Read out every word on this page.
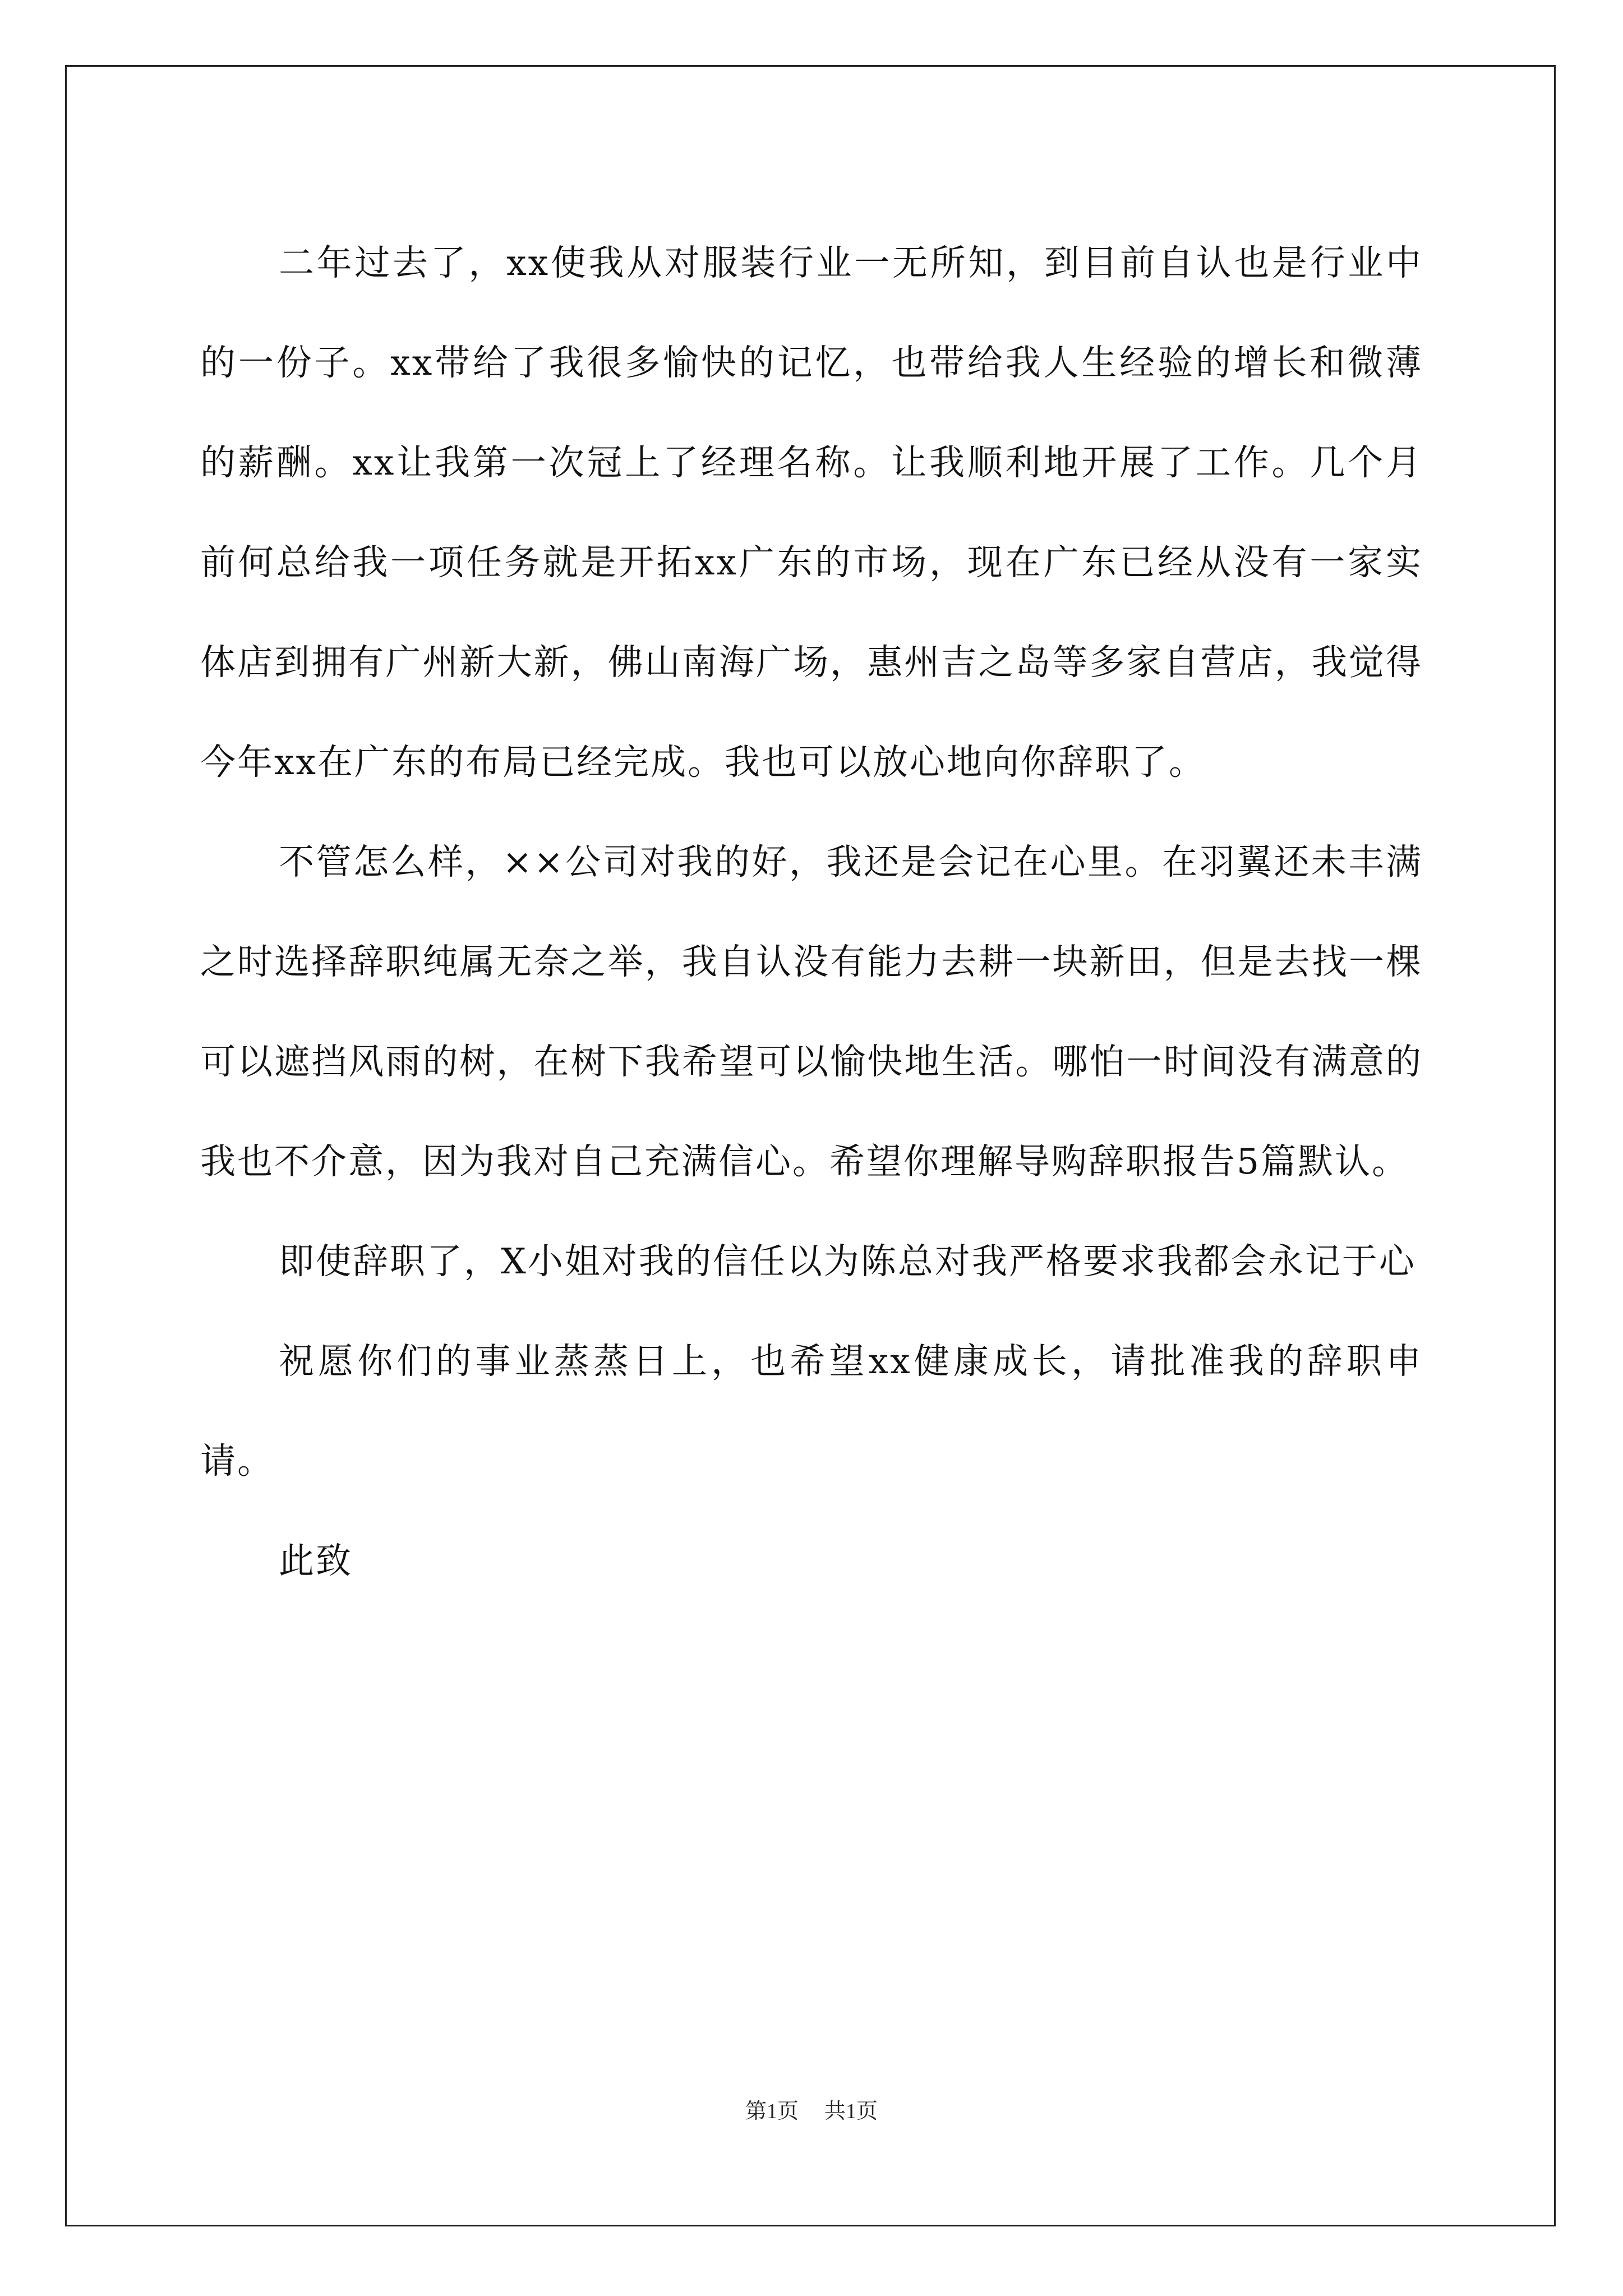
二年过去了，xx使我从对服装行业一无所知，到目前自认也是行业中的一份子。xx带给了我很多愉快的记忆，也带给我人生经验的增长和微薄的薪酬。xx让我第一次冠上了经理名称。让我顺利地开展了工作。几个月前何总给我一项任务就是开拓xx广东的市场，现在广东已经从没有一家实体店到拥有广州新大新，佛山南海广场，惠州吉之岛等多家自营店，我觉得今年xx在广东的布局已经完成。我也可以放心地向你辞职了。

不管怎么样，××公司对我的好，我还是会记在心里。在羽翼还未丰满之时选择辞职纯属无奈之举，我自认没有能力去耕一块新田，但是去找一棵可以遮挡风雨的树，在树下我希望可以愉快地生活。哪怕一时间没有满意的我也不介意，因为我对自己充满信心。希望你理解导购辞职报告5篇默认。

即使辞职了，X小姐对我的信任以为陈总对我严格要求我都会永记于心

祝愿你们的事业蒸蒸日上，也希望xx健康成长，请批准我的辞职申请。

此致

第1页 共1页
